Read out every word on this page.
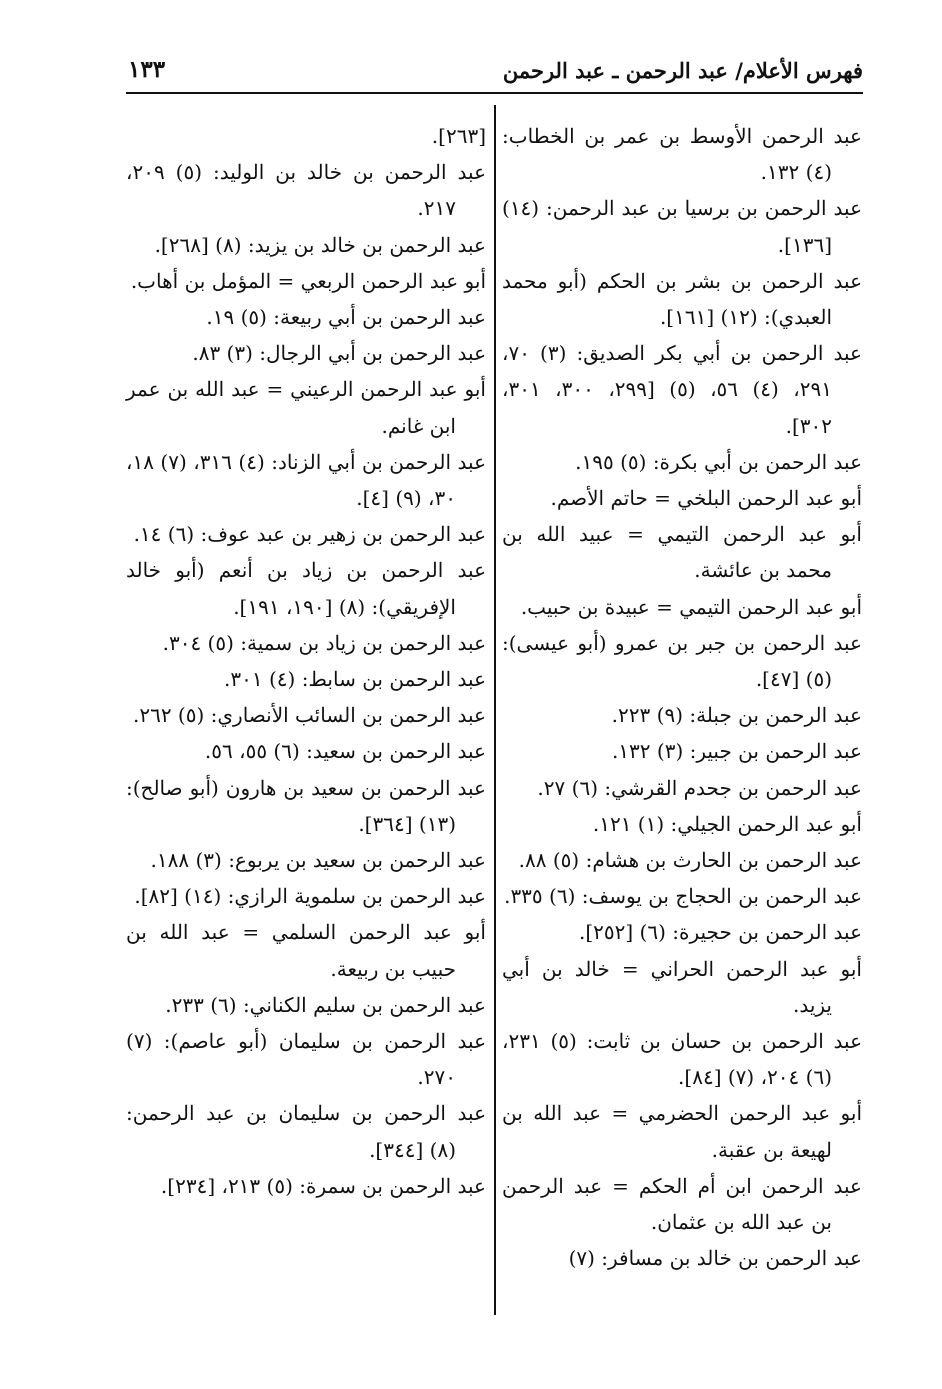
فهرس الأعلام/ عبد الرحمن ـ عبد الرحمن
١٣٣
عبد الرحمن الأوسط بن عمر بن الخطاب: (٤) ١٣٢.
عبد الرحمن بن برسيا بن عبد الرحمن: (١٤) [١٣٦].
عبد الرحمن بن بشر بن الحكم (أبو محمد العبدي): (١٢) [١٦١].
عبد الرحمن بن أبي بكر الصديق: (٣) ٧٠، ٢٩١، (٤) ٥٦، (٥) [٢٩٩، ٣٠٠، ٣٠١، ٣٠٢].
عبد الرحمن بن أبي بكرة: (٥) ١٩٥.
أبو عبد الرحمن البلخي = حاتم الأصم.
أبو عبد الرحمن التيمي = عبيد الله بن محمد بن عائشة.
أبو عبد الرحمن التيمي = عبيدة بن حبيب.
عبد الرحمن بن جبر بن عمرو (أبو عيسى): (٥) [٤٧].
عبد الرحمن بن جبلة: (٩) ٢٢٣.
عبد الرحمن بن جبير: (٣) ١٣٢.
عبد الرحمن بن جحدم القرشي: (٦) ٢٧.
أبو عبد الرحمن الجيلي: (١) ١٢١.
عبد الرحمن بن الحارث بن هشام: (٥) ٨٨.
عبد الرحمن بن الحجاج بن يوسف: (٦) ٣٣٥.
عبد الرحمن بن حجيرة: (٦) [٢٥٢].
أبو عبد الرحمن الحراني = خالد بن أبي يزيد.
عبد الرحمن بن حسان بن ثابت: (٥) ٢٣١، (٦) ٢٠٤، (٧) [٨٤].
أبو عبد الرحمن الحضرمي = عبد الله بن لهيعة بن عقبة.
عبد الرحمن ابن أم الحكم = عبد الرحمن بن عبد الله بن عثمان.
عبد الرحمن بن خالد بن مسافر: (٧)
[٢٦٣].
عبد الرحمن بن خالد بن الوليد: (٥) ٢٠٩، ٢١٧.
عبد الرحمن بن خالد بن يزيد: (٨) [٢٦٨].
أبو عبد الرحمن الربعي = المؤمل بن أهاب.
عبد الرحمن بن أبي ربيعة: (٥) ١٩.
عبد الرحمن بن أبي الرجال: (٣) ٨٣.
أبو عبد الرحمن الرعيني = عبد الله بن عمر ابن غانم.
عبد الرحمن بن أبي الزناد: (٤) ٣١٦، (٧) ١٨، ٣٠، (٩) [٤].
عبد الرحمن بن زهير بن عبد عوف: (٦) ١٤.
عبد الرحمن بن زياد بن أنعم (أبو خالد الإفريقي): (٨) [١٩٠، ١٩١].
عبد الرحمن بن زياد بن سمية: (٥) ٣٠٤.
عبد الرحمن بن سابط: (٤) ٣٠١.
عبد الرحمن بن السائب الأنصاري: (٥) ٢٦٢.
عبد الرحمن بن سعيد: (٦) ٥٥، ٥٦.
عبد الرحمن بن سعيد بن هارون (أبو صالح): (١٣) [٣٦٤].
عبد الرحمن بن سعيد بن يربوع: (٣) ١٨٨.
عبد الرحمن بن سلموية الرازي: (١٤) [٨٢].
أبو عبد الرحمن السلمي = عبد الله بن حبيب بن ربيعة.
عبد الرحمن بن سليم الكناني: (٦) ٢٣٣.
عبد الرحمن بن سليمان (أبو عاصم): (٧) ٢٧٠.
عبد الرحمن بن سليمان بن عبد الرحمن: (٨) [٣٤٤].
عبد الرحمن بن سمرة: (٥) ٢١٣، [٢٣٤].
